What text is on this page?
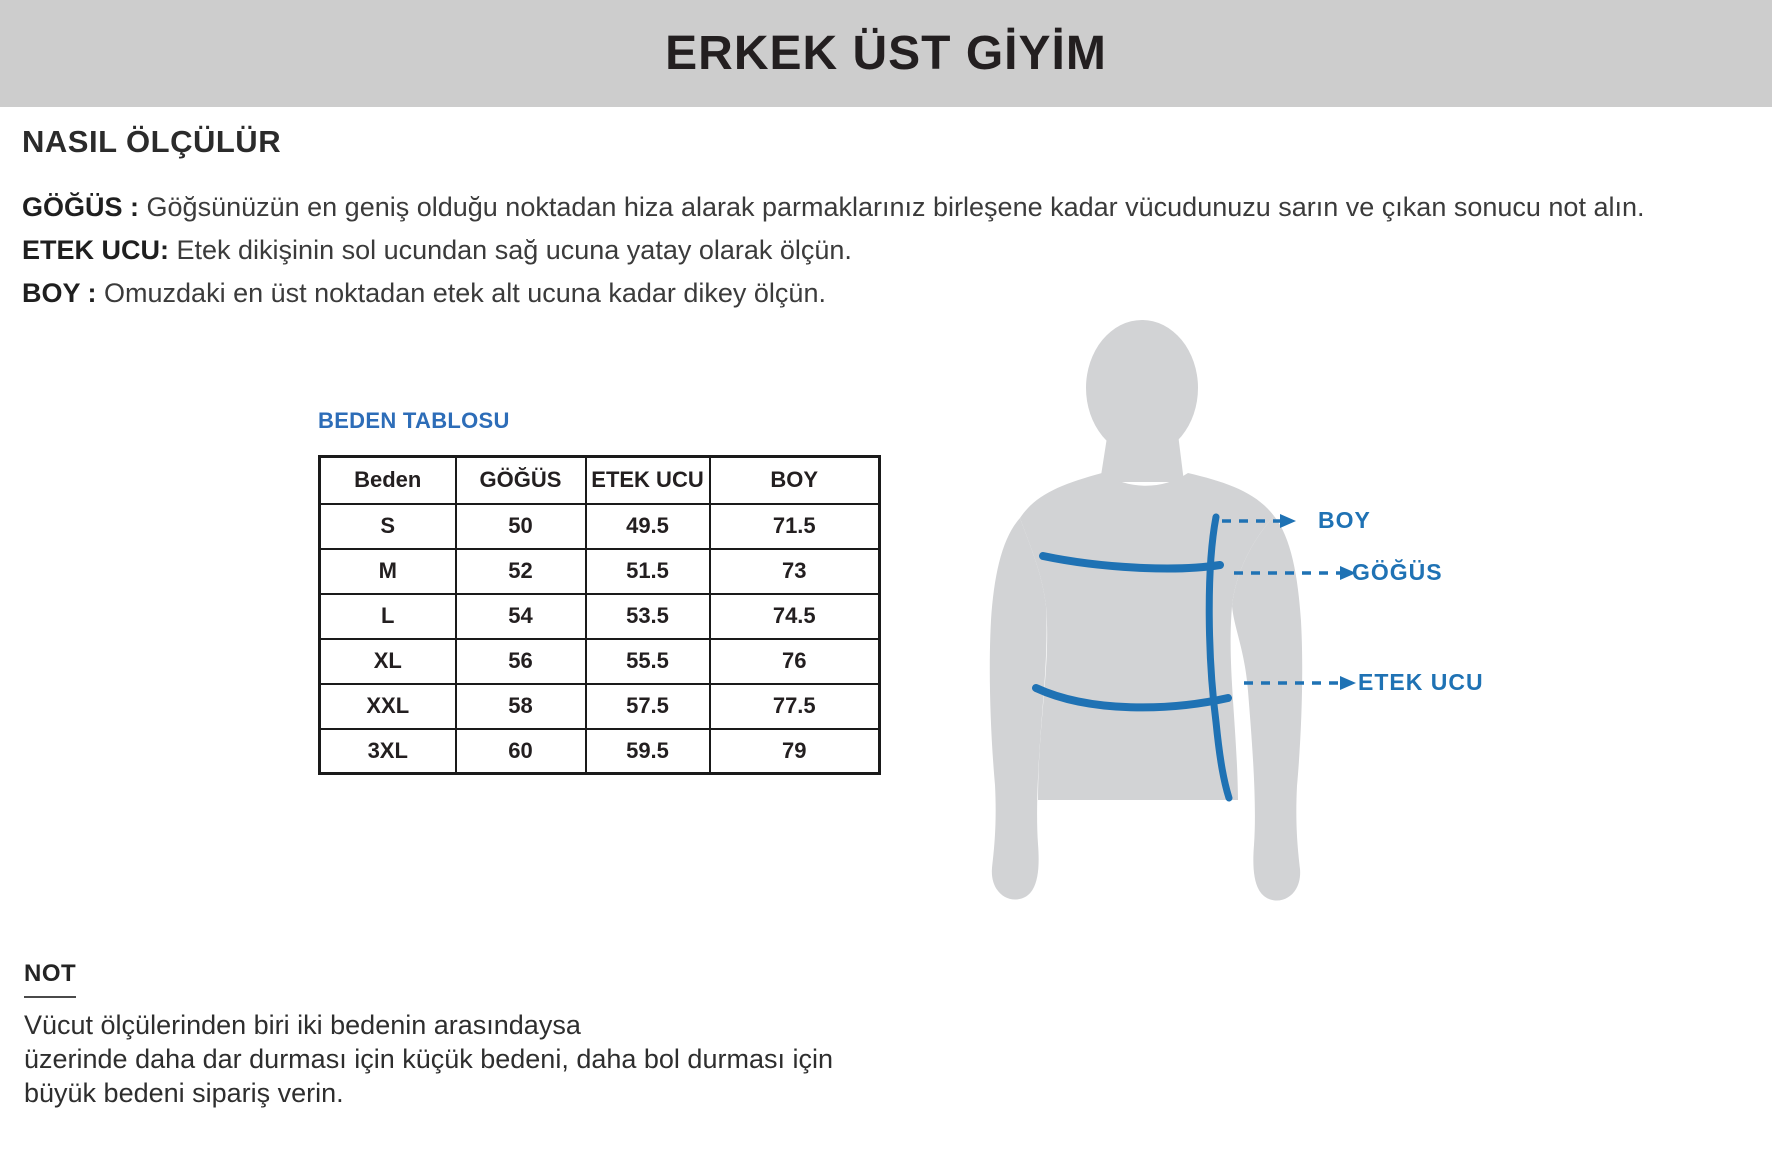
ERKEK ÜST GİYİM
NASIL ÖLÇÜLÜR
GÖĞÜS : Göğsünüzün en geniş olduğu noktadan hiza alarak parmaklarınız birleşene kadar vücudunuzu sarın ve çıkan sonucu not alın.
ETEK UCU: Etek dikişinin sol ucundan sağ ucuna yatay olarak ölçün.
BOY : Omuzdaki en üst noktadan etek alt ucuna kadar dikey ölçün.
BEDEN TABLOSU
Beden	GÖĞÜS	ETEK UCU	BOY
S	50	49.5	71.5
M	52	51.5	73
L	54	53.5	74.5
XL	56	55.5	76
XXL	58	57.5	77.5
3XL	60	59.5	79
BOY
GÖĞÜS
ETEK UCU
NOT
Vücut ölçülerinden biri iki bedenin arasındaysa
üzerinde daha dar durması için küçük bedeni, daha bol durması için
büyük bedeni sipariş verin.
